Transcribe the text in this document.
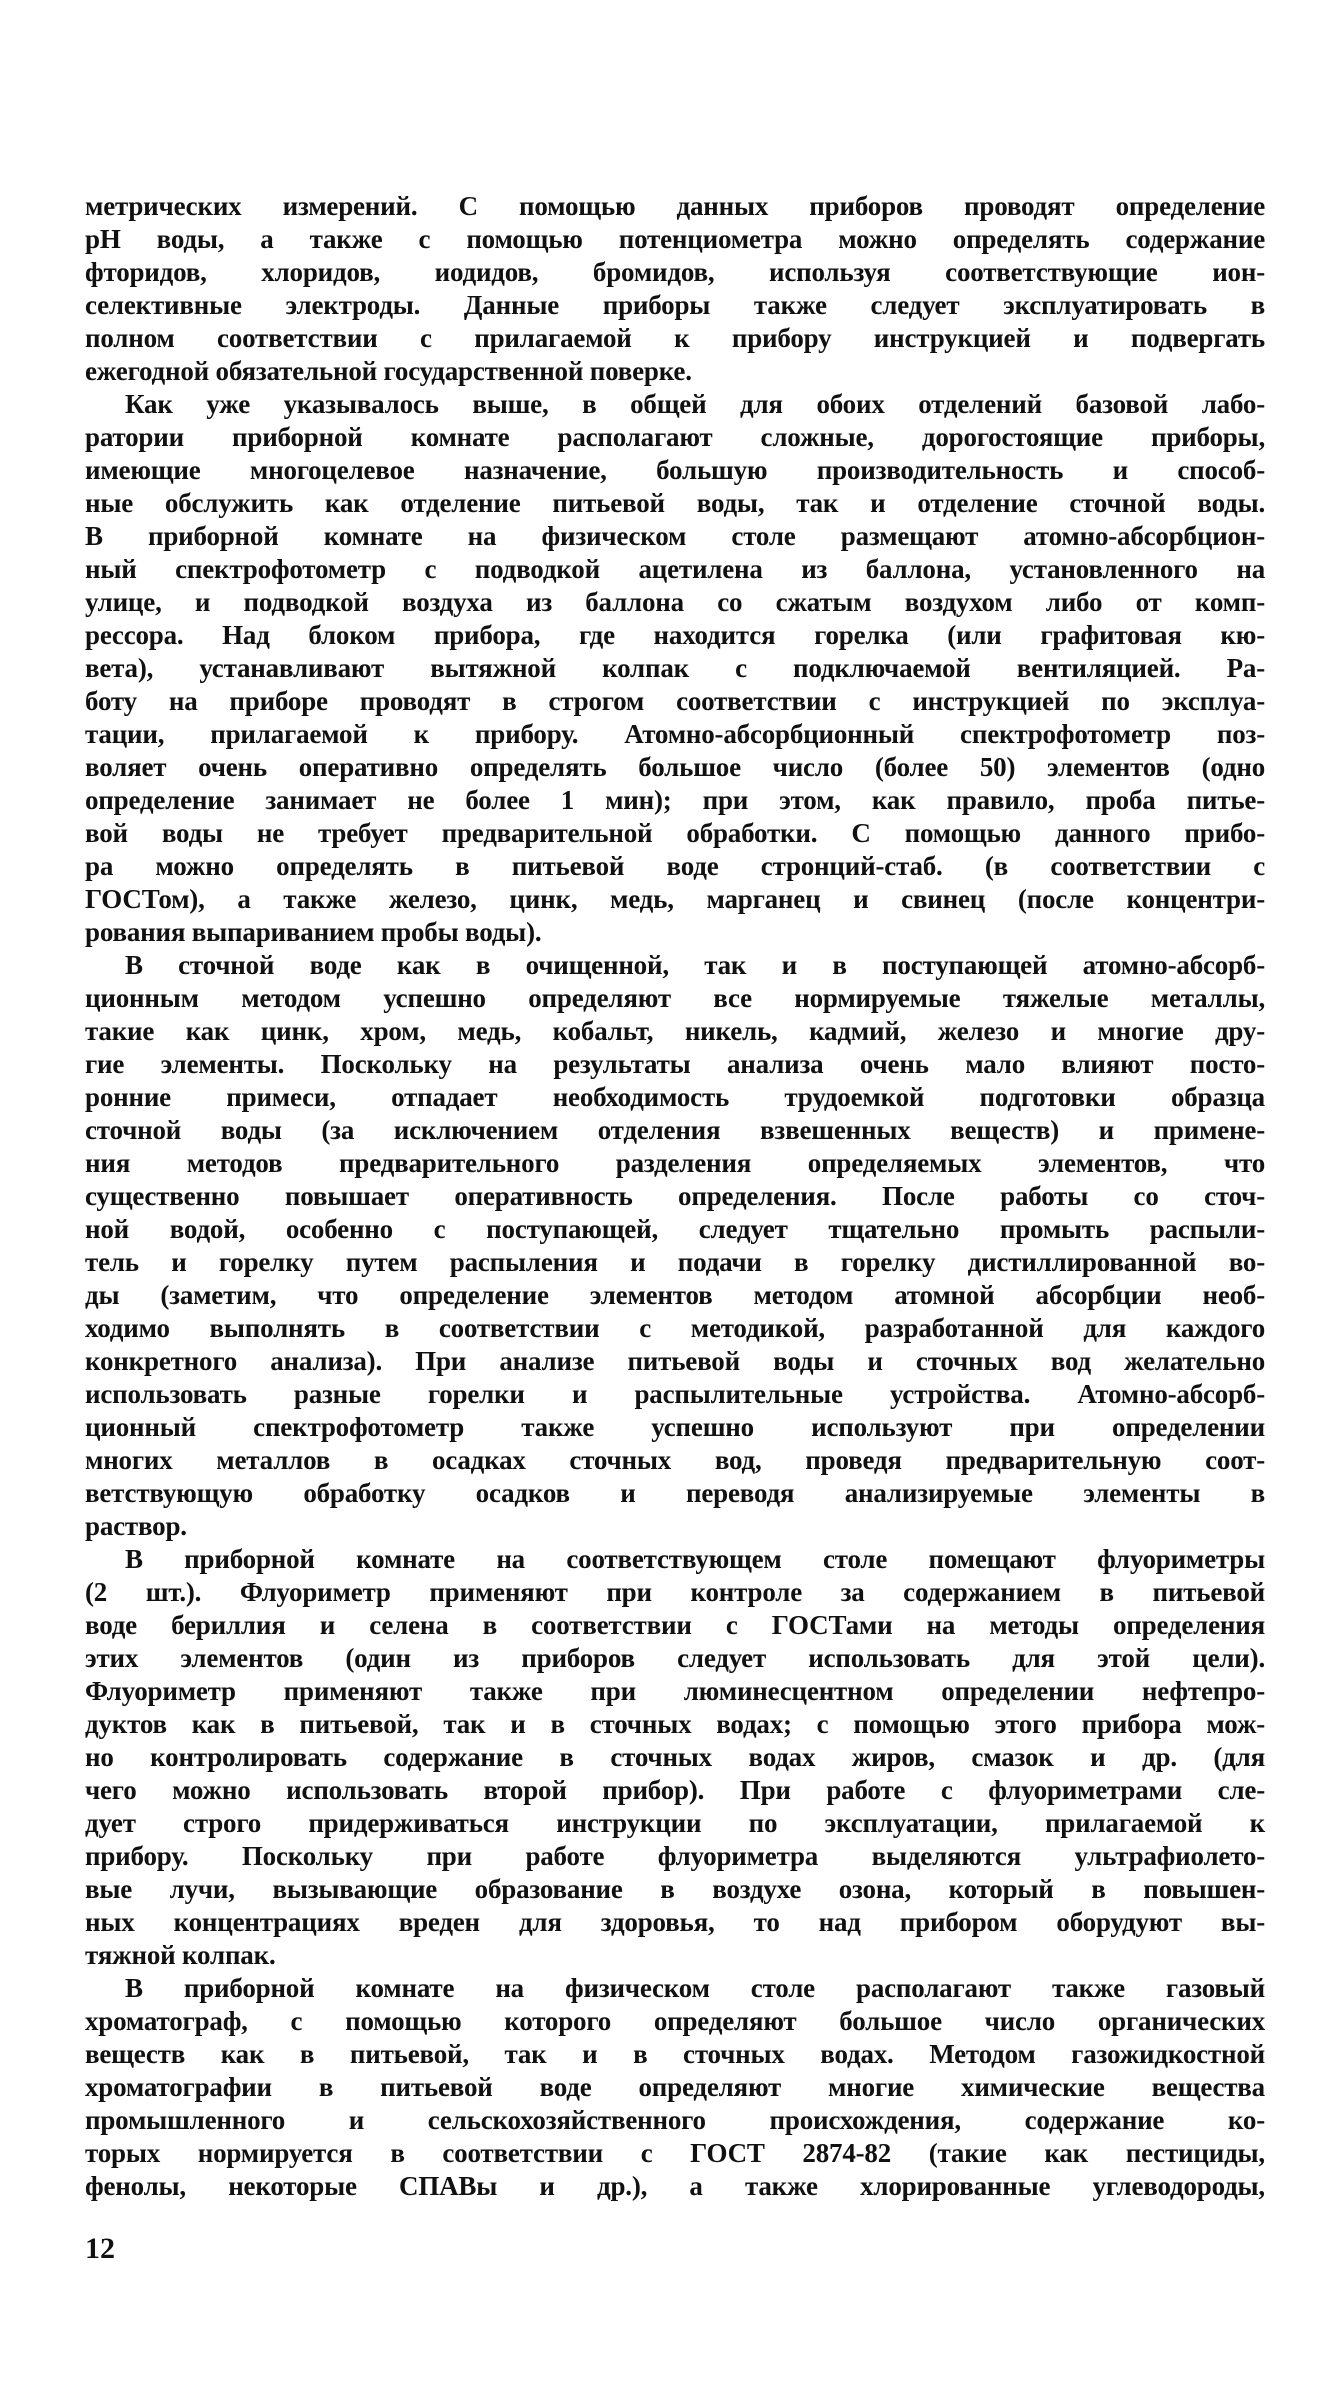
метрических измерений. С помощью данных приборов проводят определение
pH воды, а также с помощью потенциометра можно определять содержание
фторидов, хлоридов, иодидов, бромидов, используя соответствующие ион-
селективные электроды. Данные приборы также следует эксплуатировать в
полном соответствии с прилагаемой к прибору инструкцией и подвергать
ежегодной обязательной государственной поверке.
Как уже указывалось выше, в общей для обоих отделений базовой лабо-
ратории приборной комнате располагают сложные, дорогостоящие приборы,
имеющие многоцелевое назначение, большую производительность и способ-
ные обслужить как отделение питьевой воды, так и отделение сточной воды.
В приборной комнате на физическом столе размещают атомно-абсорбцион-
ный спектрофотометр с подводкой ацетилена из баллона, установленного на
улице, и подводкой воздуха из баллона со сжатым воздухом либо от комп-
рессора. Над блоком прибора, где находится горелка (или графитовая кю-
вета), устанавливают вытяжной колпак с подключаемой вентиляцией. Ра-
боту на приборе проводят в строгом соответствии с инструкцией по эксплуа-
тации, прилагаемой к прибору. Атомно-абсорбционный спектрофотометр поз-
воляет очень оперативно определять большое число (более 50) элементов (одно
определение занимает не более 1 мин); при этом, как правило, проба питье-
вой воды не требует предварительной обработки. С помощью данного прибо-
ра можно определять в питьевой воде стронций-стаб. (в соответствии с
ГОСТом), а также железо, цинк, медь, марганец и свинец (после концентри-
рования выпариванием пробы воды).
В сточной воде как в очищенной, так и в поступающей атомно-абсорб-
ционным методом успешно определяют все нормируемые тяжелые металлы,
такие как цинк, хром, медь, кобальт, никель, кадмий, железо и многие дру-
гие элементы. Поскольку на результаты анализа очень мало влияют посто-
ронние примеси, отпадает необходимость трудоемкой подготовки образца
сточной воды (за исключением отделения взвешенных веществ) и примене-
ния методов предварительного разделения определяемых элементов, что
существенно повышает оперативность определения. После работы со сточ-
ной водой, особенно с поступающей, следует тщательно промыть распыли-
тель и горелку путем распыления и подачи в горелку дистиллированной во-
ды (заметим, что определение элементов методом атомной абсорбции необ-
ходимо выполнять в соответствии с методикой, разработанной для каждого
конкретного анализа). При анализе питьевой воды и сточных вод желательно
использовать разные горелки и распылительные устройства. Атомно-абсорб-
ционный спектрофотометр также успешно используют при определении
многих металлов в осадках сточных вод, проведя предварительную соот-
ветствующую обработку осадков и переводя анализируемые элементы в
раствор.
В приборной комнате на соответствующем столе помещают флуориметры
(2 шт.). Флуориметр применяют при контроле за содержанием в питьевой
воде бериллия и селена в соответствии с ГОСТами на методы определения
этих элементов (один из приборов следует использовать для этой цели).
Флуориметр применяют также при люминесцентном определении нефтепро-
дуктов как в питьевой, так и в сточных водах; с помощью этого прибора мож-
но контролировать содержание в сточных водах жиров, смазок и др. (для
чего можно использовать второй прибор). При работе с флуориметрами сле-
дует строго придерживаться инструкции по эксплуатации, прилагаемой к
прибору. Поскольку при работе флуориметра выделяются ультрафиолето-
вые лучи, вызывающие образование в воздухе озона, который в повышен-
ных концентрациях вреден для здоровья, то над прибором оборудуют вы-
тяжной колпак.
В приборной комнате на физическом столе располагают также газовый
хроматограф, с помощью которого определяют большое число органических
веществ как в питьевой, так и в сточных водах. Методом газожидкостной
хроматографии в питьевой воде определяют многие химические вещества
промышленного и сельскохозяйственного происхождения, содержание ко-
торых нормируется в соответствии с ГОСТ 2874-82 (такие как пестициды,
фенолы, некоторые СПАВы и др.), а также хлорированные углеводороды,
12
